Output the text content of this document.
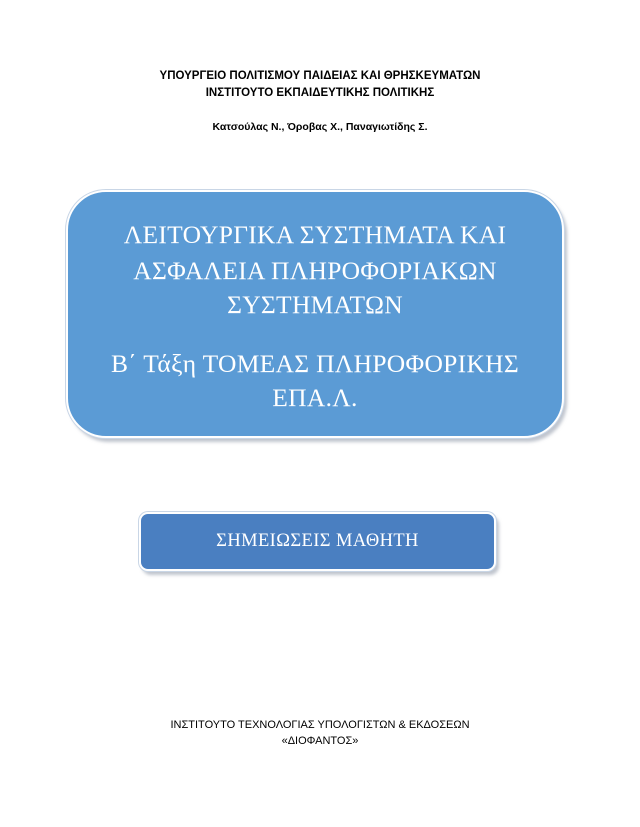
ΥΠΟΥΡΓΕΙΟ ΠΟΛΙΤΙΣΜΟΥ ΠΑΙΔΕΙΑΣ ΚΑΙ ΘΡΗΣΚΕΥΜΑΤΩΝ
ΙΝΣΤΙΤΟΥΤΟ ΕΚΠΑΙΔΕΥΤΙΚΗΣ ΠΟΛΙΤΙΚΗΣ
Κατσούλας Ν., Όροβας Χ., Παναγιωτίδης Σ.
ΛΕΙΤΟΥΡΓΙΚΑ ΣΥΣΤΗΜΑΤΑ ΚΑΙ
ΑΣΦΑΛΕΙΑ ΠΛΗΡΟΦΟΡΙΑΚΩΝ
ΣΥΣΤΗΜΑΤΩΝ
Β΄ Τάξη ΤΟΜΕΑΣ ΠΛΗΡΟΦΟΡΙΚΗΣ
ΕΠΑ.Λ.
ΣΗΜΕΙΩΣΕΙΣ ΜΑΘΗΤΗ
ΙΝΣΤΙΤΟΥΤΟ ΤΕΧΝΟΛΟΓΙΑΣ ΥΠΟΛΟΓΙΣΤΩΝ & ΕΚΔΟΣΕΩΝ
«ΔΙΟΦΑΝΤΟΣ»
